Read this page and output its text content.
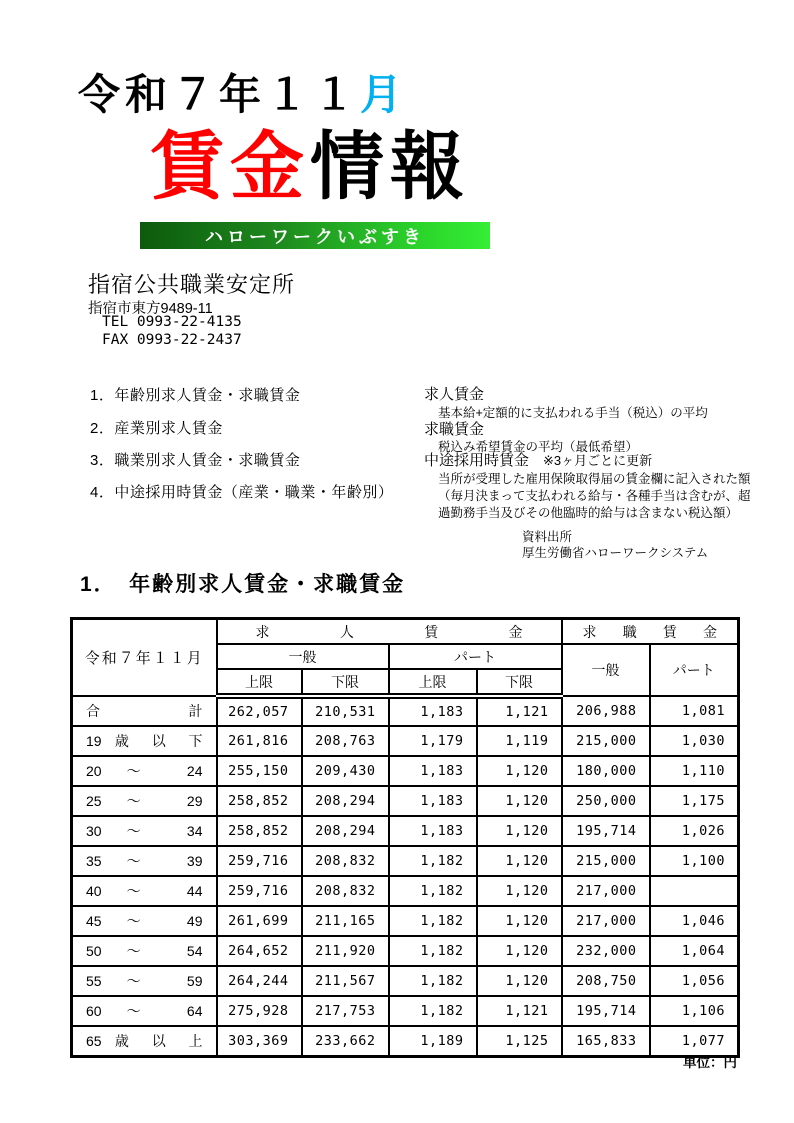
令和７年１１月
賃金情報
ハローワークいぶすき
指宿公共職業安定所
指宿市東方9489-11
TEL 0993-22-4135
FAX 0993-22-2437
1．年齢別求人賃金・求職賃金
2．産業別求人賃金
3．職業別求人賃金・求職賃金
4．中途採用時賃金（産業・職業・年齢別）
求人賃金
基本給+定額的に支払われる手当（税込）の平均
求職賃金
税込み希望賃金の平均（最低希望）
中途採用時賃金 ※3ヶ月ごとに更新
当所が受理した雇用保険取得届の賃金欄に記入された額
（毎月決まって支払われる給与・各種手当は含むが、超
過勤務手当及びその他臨時的給与は含まない税込額）
資料出所
厚生労働省ハローワークシステム
1．　年齢別求人賃金・求職賃金
令和７年１１月	求 人 賃 金				求 職 賃 金	
	一般		パート		一般	パート
	上限	下限	上限	下限		
合 計	262,057	210,531	1,183	1,121	206,988	1,081
19 歳 以 下	261,816	208,763	1,179	1,119	215,000	1,030
20 ～ 24	255,150	209,430	1,183	1,120	180,000	1,110
25 ～ 29	258,852	208,294	1,183	1,120	250,000	1,175
30 ～ 34	258,852	208,294	1,183	1,120	195,714	1,026
35 ～ 39	259,716	208,832	1,182	1,120	215,000	1,100
40 ～ 44	259,716	208,832	1,182	1,120	217,000	
45 ～ 49	261,699	211,165	1,182	1,120	217,000	1,046
50 ～ 54	264,652	211,920	1,182	1,120	232,000	1,064
55 ～ 59	264,244	211,567	1,182	1,120	208,750	1,056
60 ～ 64	275,928	217,753	1,182	1,121	195,714	1,106
65 歳 以 上	303,369	233,662	1,189	1,125	165,833	1,077
単位：円
